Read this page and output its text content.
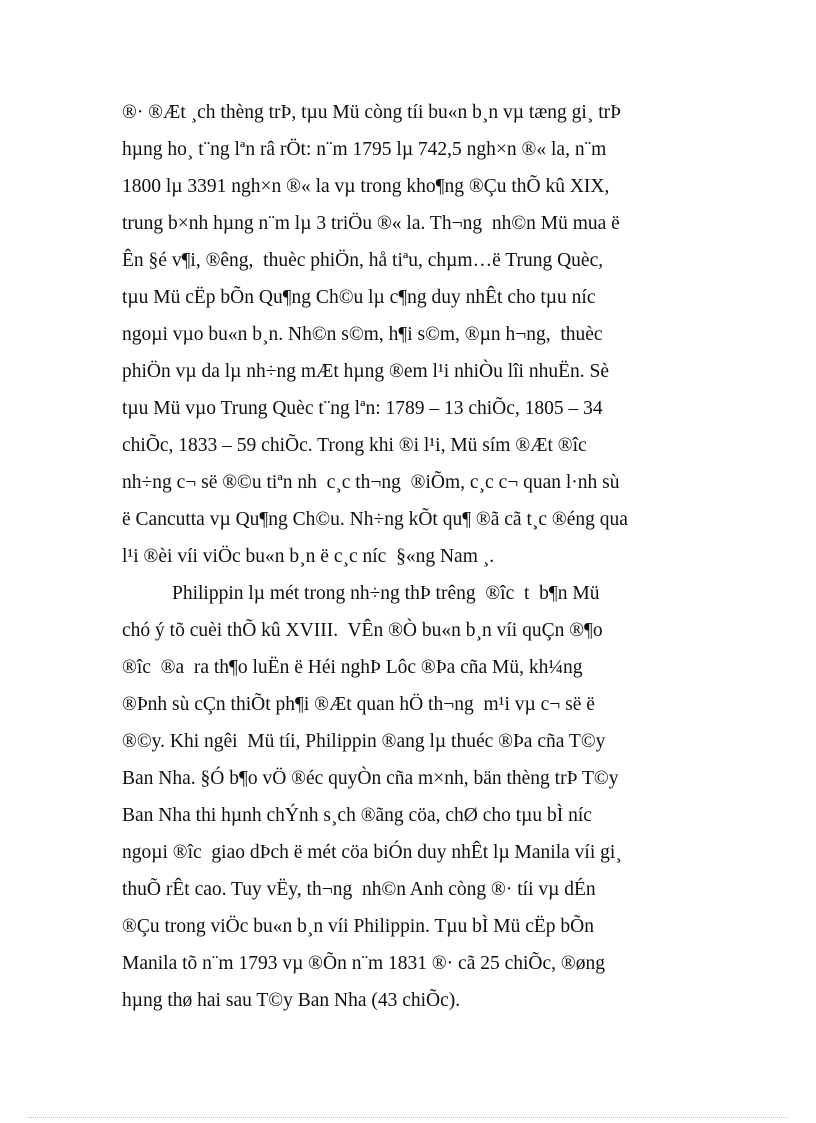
®· ®Æt ¸ch thèng trÞ, tµu Mü còng tíi bu«n b¸n vµ tæng gi¸ trÞ
hµng ho¸ t¨ng lªn râ rÖt: n¨m 1795 lµ 742,5 ngh×n ®« la, n¨m
1800 lµ 3391 ngh×n ®« la vµ trong kho¶ng ®Çu thÕ kû XIX,
trung b×nh hµng n¨m lµ 3 triÖu ®« la. Th¬ng  nh©n Mü mua ë
Ên §é v¶i, ®êng,  thuèc phiÖn, hå tiªu, chµm…ë Trung Quèc,
tµu Mü cËp bÕn Qu¶ng Ch©u lµ c¶ng duy nhÊt cho tµu níc
ngoµi vµo bu«n b¸n. Nh©n s©m, h¶i s©m, ®µn h¬ng,  thuèc
phiÖn vµ da lµ nh÷ng mÆt hµng ®em l¹i nhiÒu lîi nhuËn. Sè
tµu Mü vµo Trung Quèc t¨ng lªn: 1789 – 13 chiÕc, 1805 – 34
chiÕc, 1833 – 59 chiÕc. Trong khi ®i l¹i, Mü sím ®Æt ®îc
nh÷ng c¬ së ®©u tiªn nh  c¸c th¬ng  ®iÕm, c¸c c¬ quan l·nh sù
ë Cancutta vµ Qu¶ng Ch©u. Nh÷ng kÕt qu¶ ®ã cã t¸c ®éng qua
l¹i ®èi víi viÖc bu«n b¸n ë c¸c níc  §«ng Nam ¸.
Philippin lµ mét trong nh÷ng thÞ trêng  ®îc  t  b¶n Mü
chó ý tõ cuèi thÕ kû XVIII.  VÊn ®Ò bu«n b¸n víi quÇn ®¶o
®îc  ®a  ra th¶o luËn ë Héi nghÞ Lôc ®Þa cña Mü, kh¼ng
®Þnh sù cÇn thiÕt ph¶i ®Æt quan hÖ th¬ng  m¹i vµ c¬ së ë
®©y. Khi ngêi  Mü tíi, Philippin ®ang lµ thuéc ®Þa cña T©y
Ban Nha. §Ó b¶o vÖ ®éc quyÒn cña m×nh, bän thèng trÞ T©y
Ban Nha thi hµnh chÝnh s¸ch ®ãng cöa, chØ cho tµu bÌ níc
ngoµi ®îc  giao dÞch ë mét cöa biÓn duy nhÊt lµ Manila víi gi¸
thuÕ rÊt cao. Tuy vËy, th¬ng  nh©n Anh còng ®· tíi vµ dÉn
®Çu trong viÖc bu«n b¸n víi Philippin. Tµu bÌ Mü cËp bÕn
Manila tõ n¨m 1793 vµ ®Õn n¨m 1831 ®· cã 25 chiÕc, ®øng
hµng thø hai sau T©y Ban Nha (43 chiÕc).
